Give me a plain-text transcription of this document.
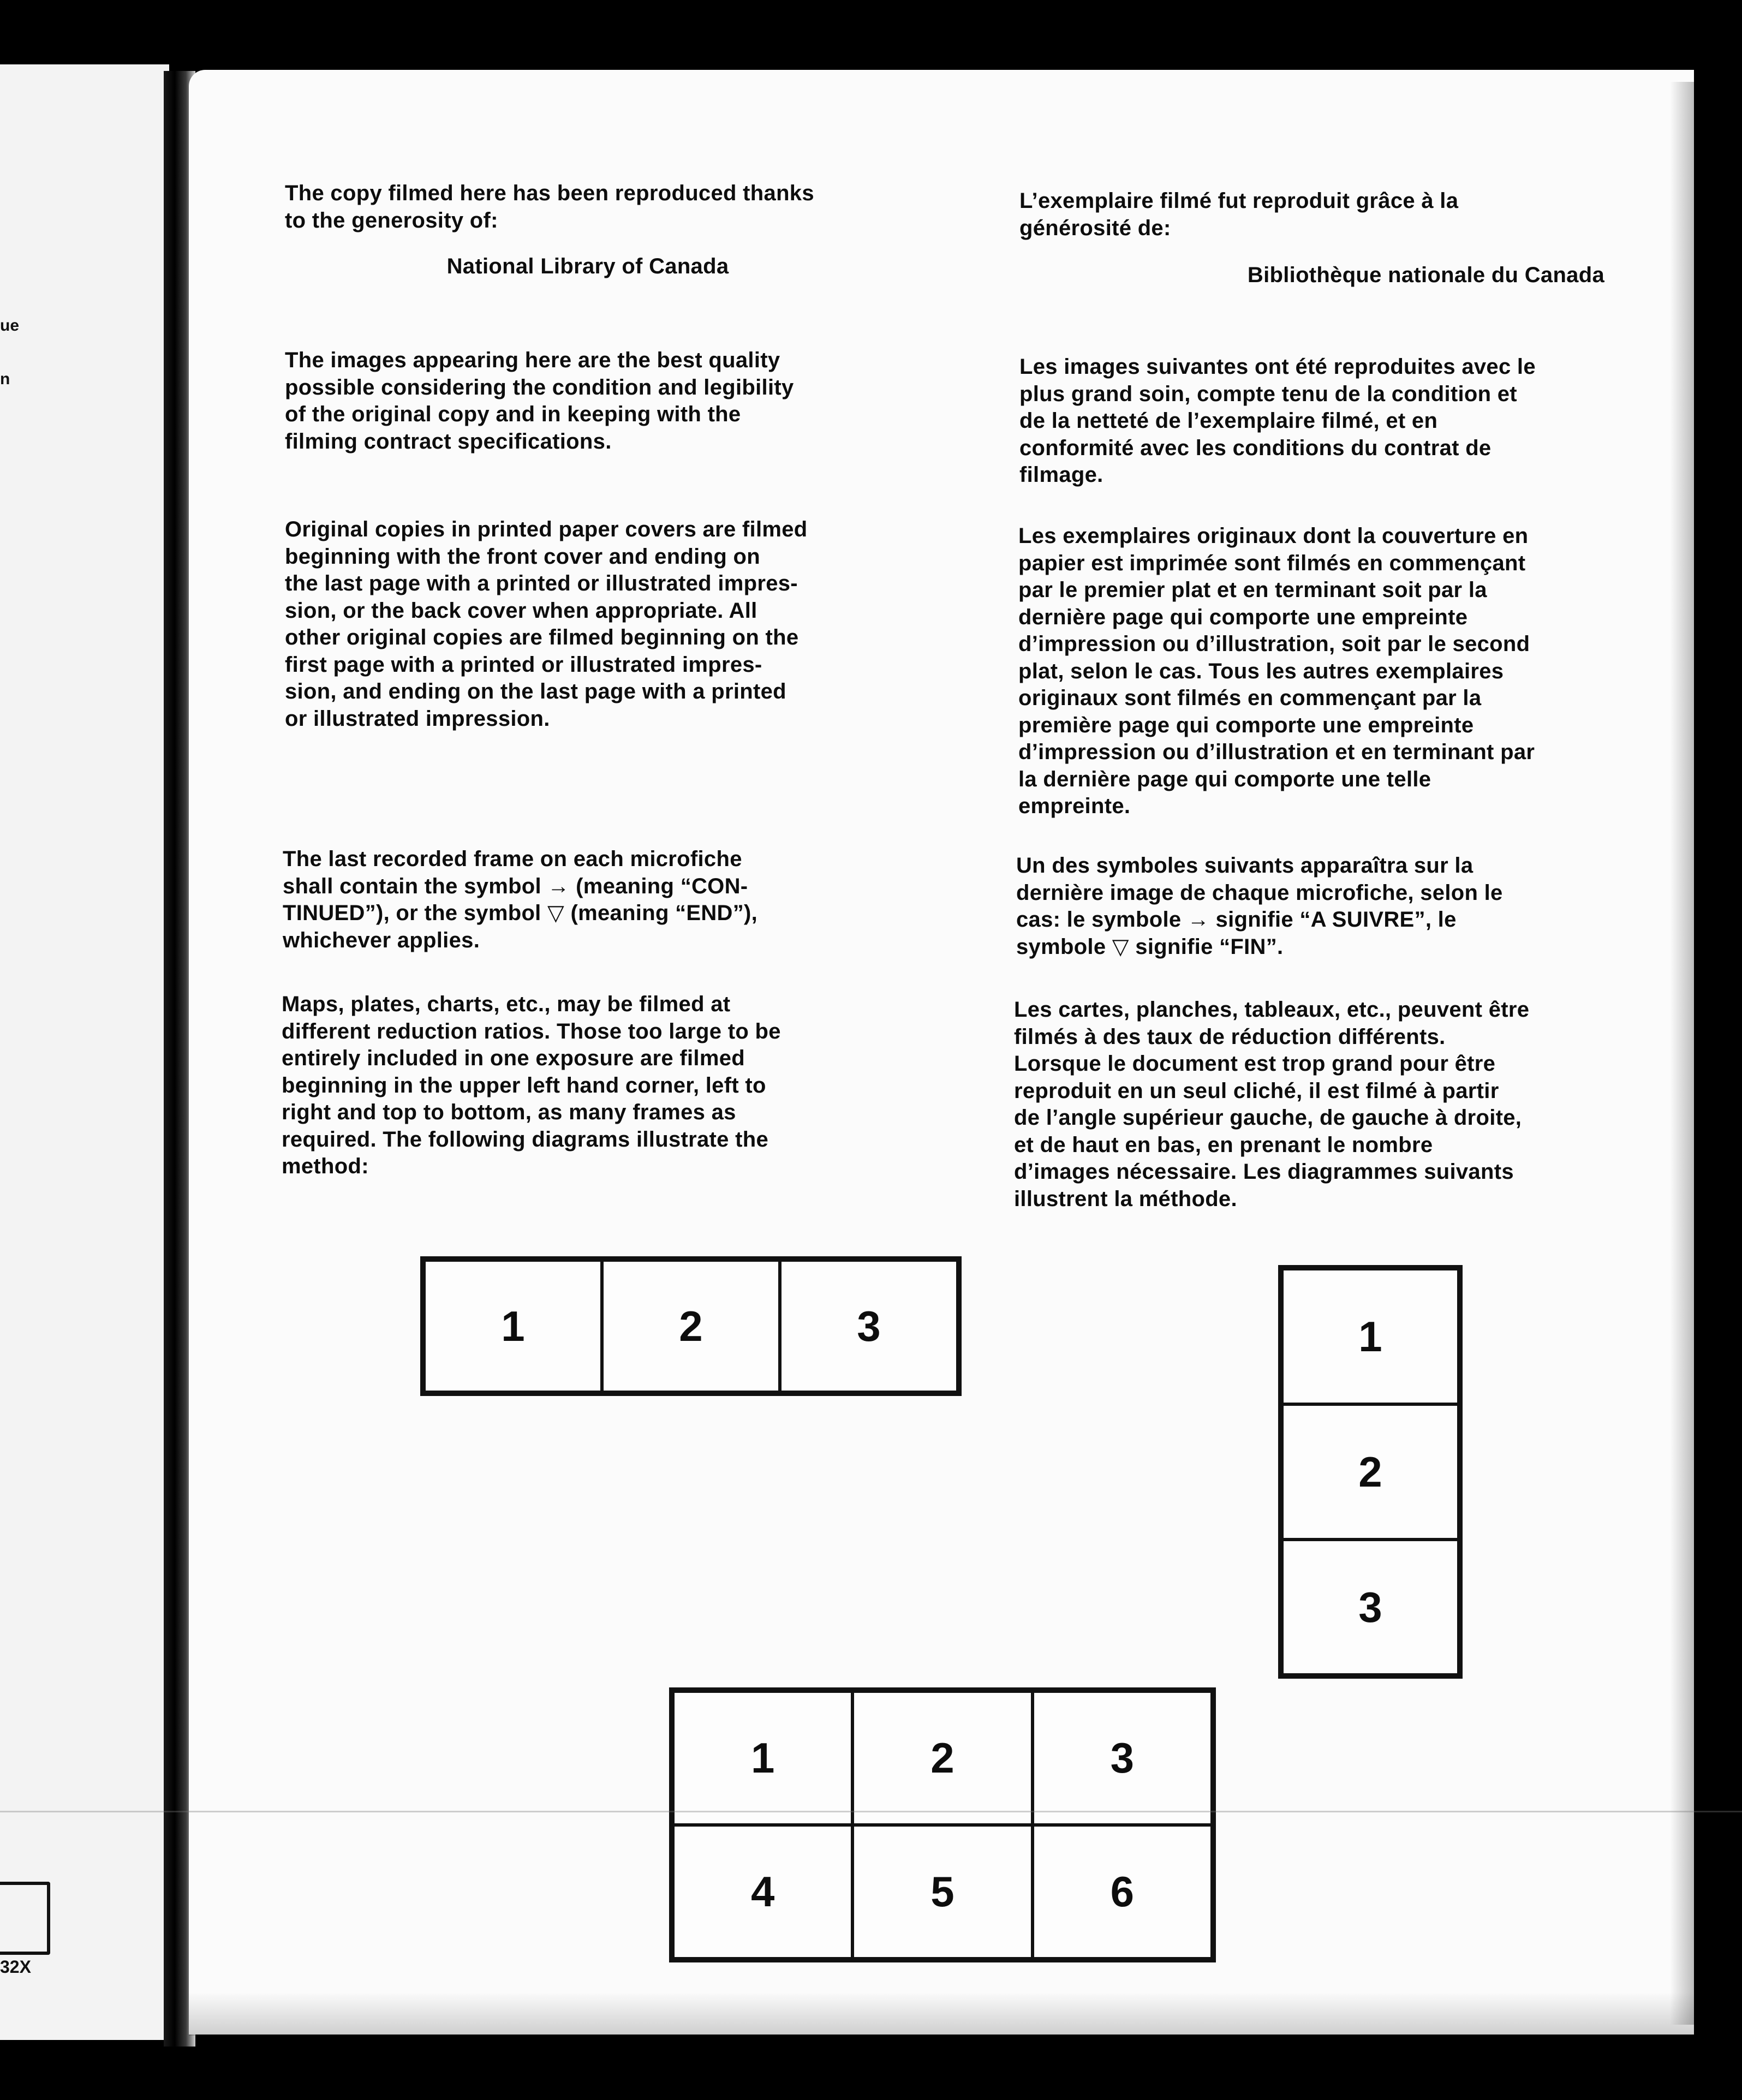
ue
n
32X

The copy filmed here has been reproduced thanks
to the generosity of:

National Library of Canada

The images appearing here are the best quality
possible considering the condition and legibility
of the original copy and in keeping with the
filming contract specifications.

Original copies in printed paper covers are filmed
beginning with the front cover and ending on
the last page with a printed or illustrated impres-
sion, or the back cover when appropriate. All
other original copies are filmed beginning on the
first page with a printed or illustrated impres-
sion, and ending on the last page with a printed
or illustrated impression.

The last recorded frame on each microfiche
shall contain the symbol → (meaning “CON-
TINUED”), or the symbol ▽ (meaning “END”),
whichever applies.

Maps, plates, charts, etc., may be filmed at
different reduction ratios. Those too large to be
entirely included in one exposure are filmed
beginning in the upper left hand corner, left to
right and top to bottom, as many frames as
required. The following diagrams illustrate the
method:

L’exemplaire filmé fut reproduit grâce à la
générosité de:

Bibliothèque nationale du Canada

Les images suivantes ont été reproduites avec le
plus grand soin, compte tenu de la condition et
de la netteté de l’exemplaire filmé, et en
conformité avec les conditions du contrat de
filmage.

Les exemplaires originaux dont la couverture en
papier est imprimée sont filmés en commençant
par le premier plat et en terminant soit par la
dernière page qui comporte une empreinte
d’impression ou d’illustration, soit par le second
plat, selon le cas. Tous les autres exemplaires
originaux sont filmés en commençant par la
première page qui comporte une empreinte
d’impression ou d’illustration et en terminant par
la dernière page qui comporte une telle
empreinte.

Un des symboles suivants apparaîtra sur la
dernière image de chaque microfiche, selon le
cas: le symbole → signifie “A SUIVRE”, le
symbole ▽ signifie “FIN”.

Les cartes, planches, tableaux, etc., peuvent être
filmés à des taux de réduction différents.
Lorsque le document est trop grand pour être
reproduit en un seul cliché, il est filmé à partir
de l’angle supérieur gauche, de gauche à droite,
et de haut en bas, en prenant le nombre
d’images nécessaire. Les diagrammes suivants
illustrent la méthode.

1	2	3	1
2
3
1	2	3
4	5	6
